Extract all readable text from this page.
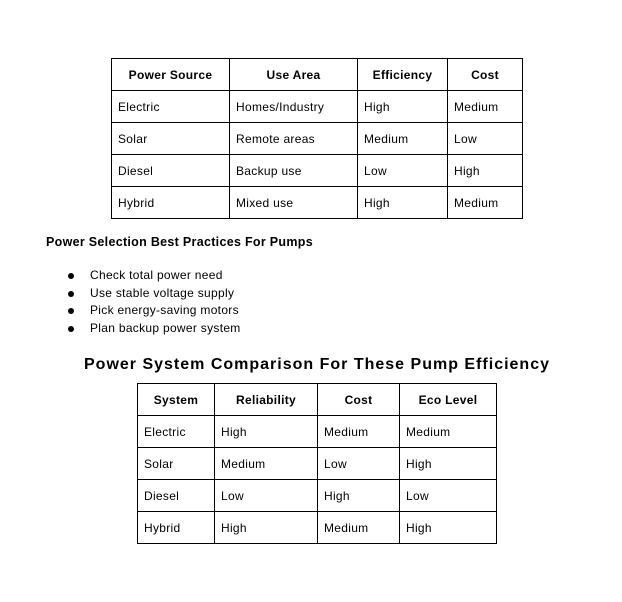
Power Source	Use Area	Efficiency	Cost
Electric	Homes/Industry	High	Medium
Solar	Remote areas	Medium	Low
Diesel	Backup use	Low	High
Hybrid	Mixed use	High	Medium
Power Selection Best Practices For Pumps
Check total power need
Use stable voltage supply
Pick energy-saving motors
Plan backup power system
Power System Comparison For These Pump Efficiency
System	Reliability	Cost	Eco Level
Electric	High	Medium	Medium
Solar	Medium	Low	High
Diesel	Low	High	Low
Hybrid	High	Medium	High
